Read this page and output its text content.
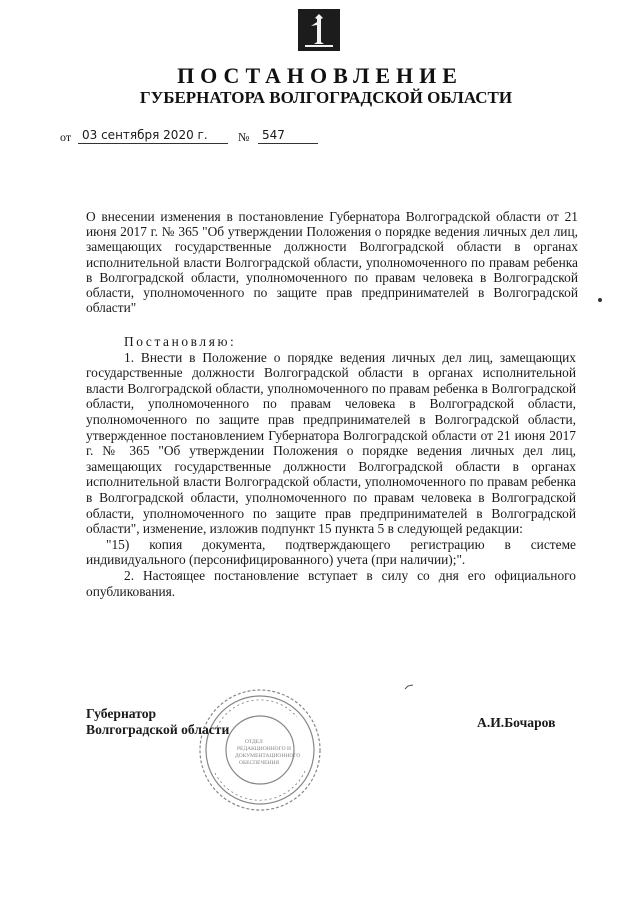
ПОСТАНОВЛЕНИЕ
ГУБЕРНАТОРА ВОЛГОГРАДСКОЙ ОБЛАСТИ
от 03 сентября 2020 г.	№	547

О внесении изменения в постановление Губернатора Волгоградской области от 21 июня 2017 г. № 365 "Об утверждении Положения о порядке ведения личных дел лиц, замещающих государственные должности Волгоградской области в органах исполнительной власти Волгоградской области, уполномоченного по правам ребенка в Волгоградской области, уполномоченного по правам человека в Волгоградской области, уполномоченного по защите прав предпринимателей в Волгоградской области"

Постановляю:

1. Внести в Положение о порядке ведения личных дел лиц, замещающих государственные должности Волгоградской области в органах исполнительной власти Волгоградской области, уполномоченного по правам ребенка в Волгоградской области, уполномоченного по правам человека в Волгоградской области, уполномоченного по защите прав предпринимателей в Волгоградской области, утвержденное постановлением Губернатора Волгоградской области от 21 июня 2017 г. № 365 "Об утверждении Положения о порядке ведения личных дел лиц, замещающих государственные должности Волгоградской области в органах исполнительной власти Волгоградской области, уполномоченного по правам ребенка в Волгоградской области, уполномоченного по правам человека в Волгоградской области, уполномоченного по защите прав предпринимателей в Волгоградской области", изменение, изложив подпункт 15 пункта 5 в следующей редакции:

"15) копия документа, подтверждающего регистрацию в системе индивидуального (персонифицированного) учета (при наличии);".

2. Настоящее постановление вступает в силу со дня его официального опубликования.

ОТДЕЛ
РЕДАКЦИОННОГО И
ДОКУМЕНТАЦИОННОГО
ОБЕСПЕЧЕНИЯ
Губернатор
Волгоградской области	А.И.Бочаров
